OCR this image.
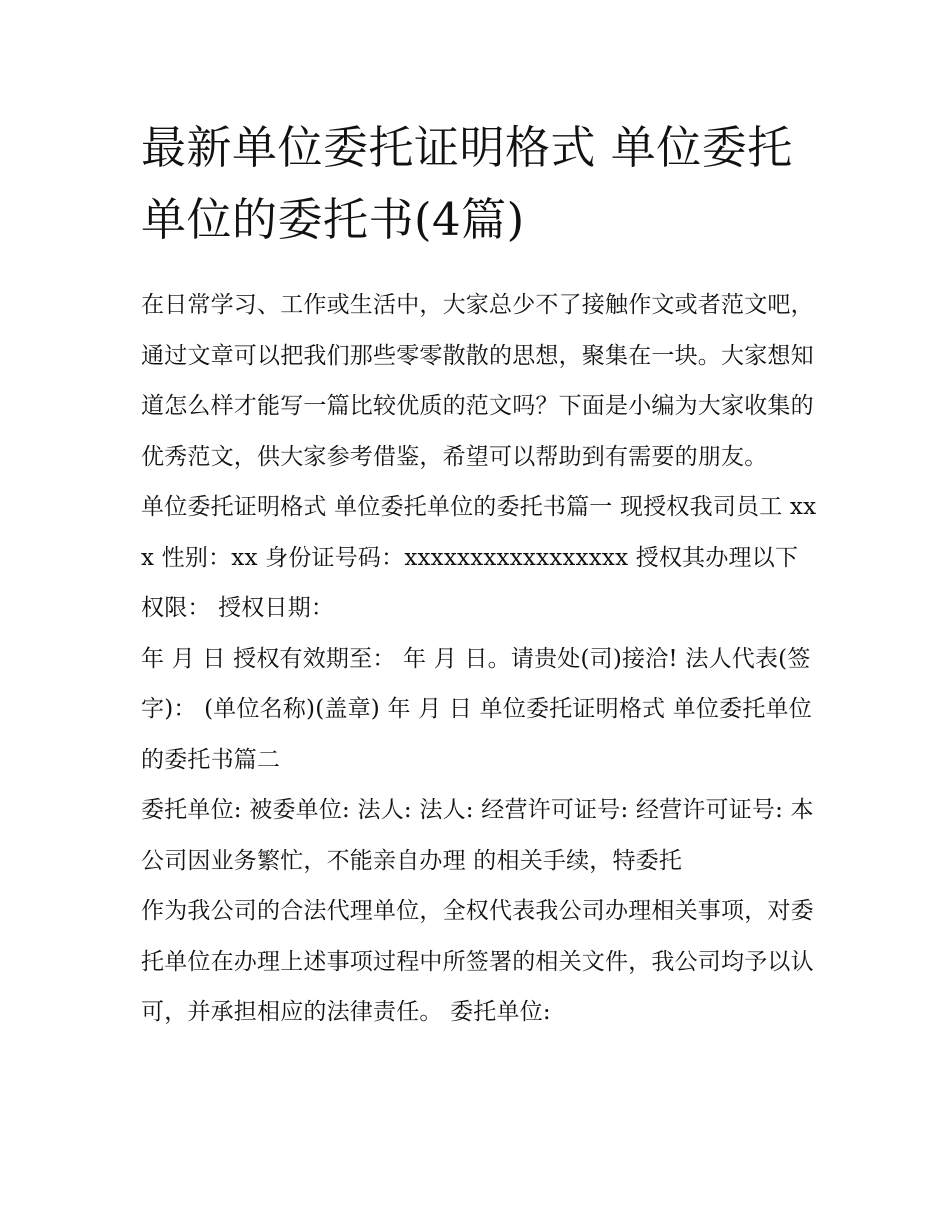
最新单位委托证明格式 单位委托单位的委托书(4篇)

在日常学习、工作或生活中，大家总少不了接触作文或者范文吧，通过文章可以把我们那些零零散散的思想，聚集在一块。大家想知道怎么样才能写一篇比较优质的范文吗？下面是小编为大家收集的优秀范文，供大家参考借鉴，希望可以帮助到有需要的朋友。

单位委托证明格式 单位委托单位的委托书篇一 现授权我司员工 xxx 性别：xx 身份证号码：xxxxxxxxxxxxxxxxx 授权其办理以下权限： 授权日期：

年 月 日 授权有效期至： 年 月 日。请贵处(司)接洽! 法人代表(签字)： (单位名称)(盖章) 年 月 日 单位委托证明格式 单位委托单位的委托书篇二

委托单位: 被委单位: 法人: 法人: 经营许可证号: 经营许可证号: 本公司因业务繁忙，不能亲自办理 的相关手续，特委托

作为我公司的合法代理单位，全权代表我公司办理相关事项，对委托单位在办理上述事项过程中所签署的相关文件，我公司均予以认可，并承担相应的法律责任。 委托单位:
